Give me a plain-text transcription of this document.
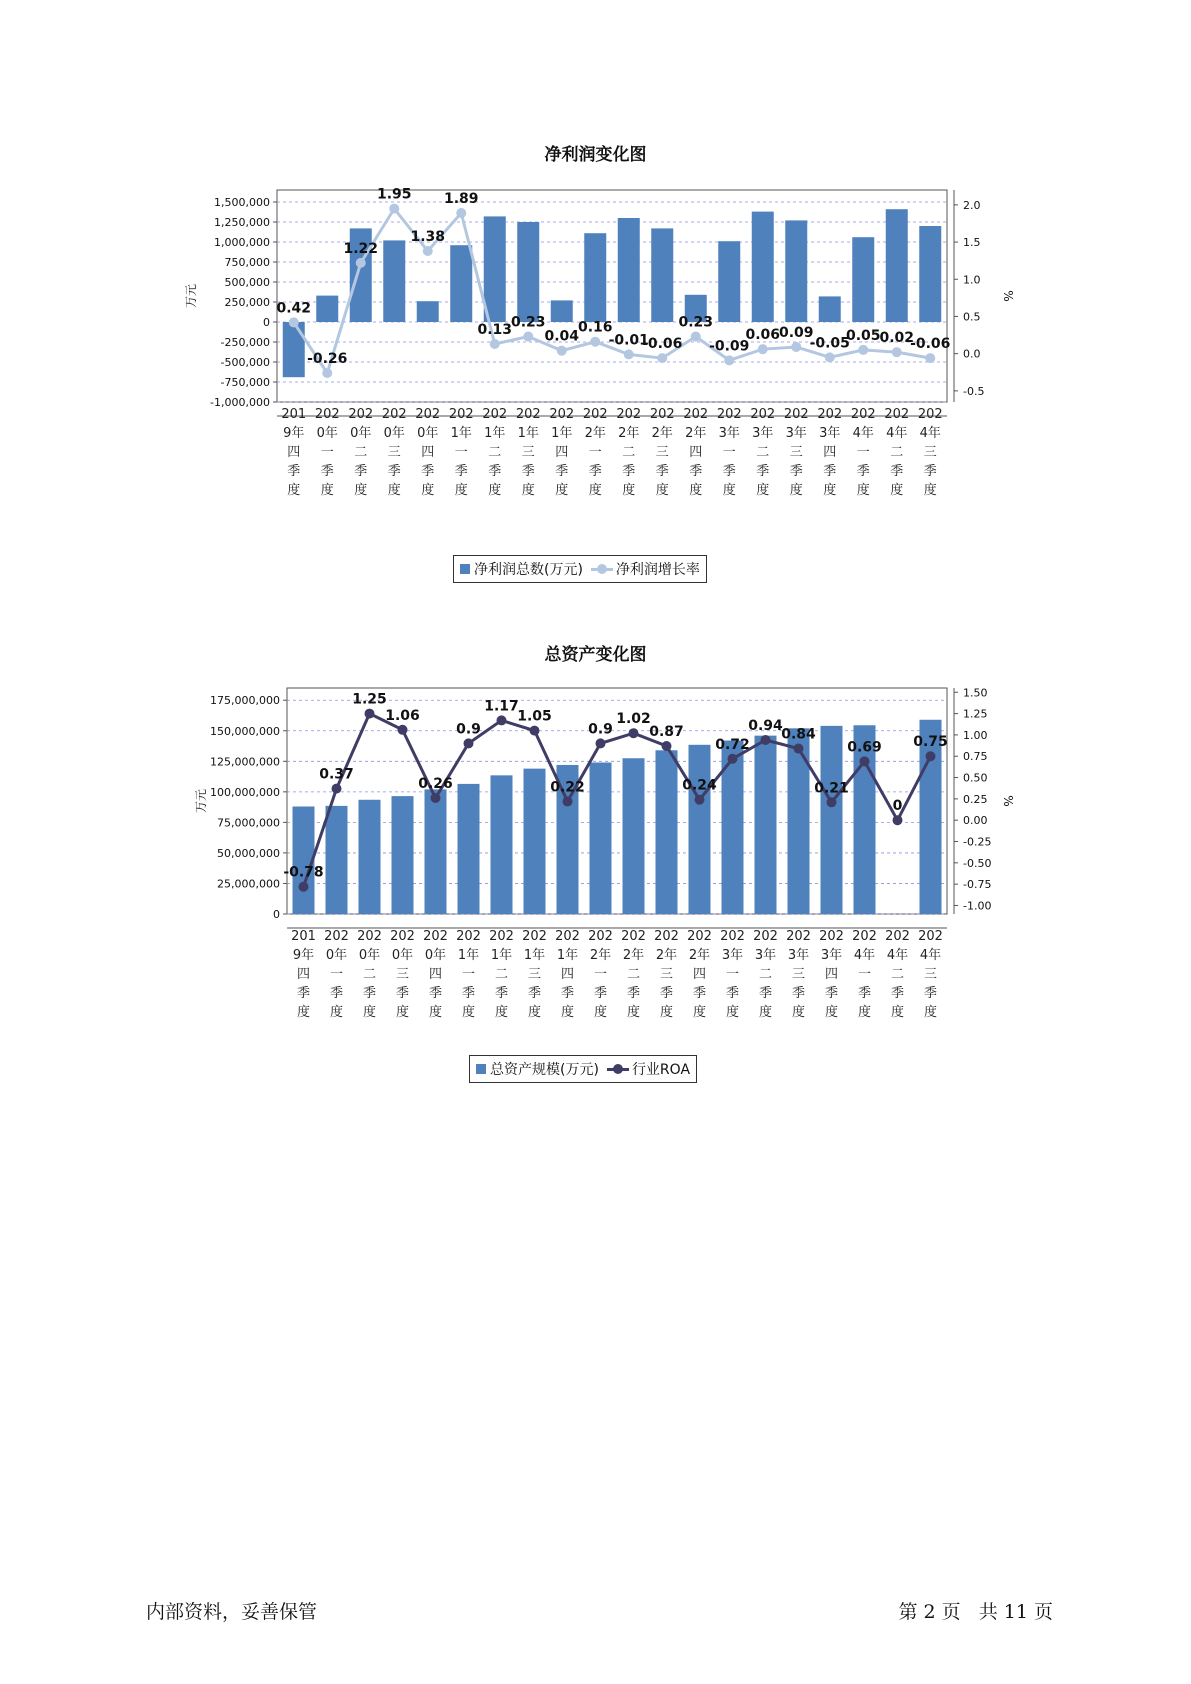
净利润变化图
1,500,000
1,250,000
1,000,000
750,000
500,000
250,000
0
-250,000
-500,000
-750,000
-1,000,000
2.0
1.5
1.0
0.5
0.0
-0.5
万元	%
0.42
-0.26
1.22
1.95
1.38
1.89
0.13
0.23
0.04
0.16
-0.01
-0.06
0.23
-0.09
0.06
0.09
-0.05
0.05
0.02
-0.06
201
9年
四
季
度
202
0年
一
季
度
202
0年
二
季
度
202
0年
三
季
度
202
0年
四
季
度
202
1年
一
季
度
202
1年
二
季
度
202
1年
三
季
度
202
1年
四
季
度
202
2年
一
季
度
202
2年
二
季
度
202
2年
三
季
度
202
2年
四
季
度
202
3年
一
季
度
202
3年
二
季
度
202
3年
三
季
度
202
3年
四
季
度
202
4年
一
季
度
202
4年
二
季
度
202
4年
三
季
度
净利润总数(万元) 净利润增长率
总资产变化图
175,000,000
150,000,000
125,000,000
100,000,000
75,000,000
50,000,000
25,000,000
0
1.50
1.25
1.00
0.75
0.50
0.25
0.00
-0.25
-0.50
-0.75
-1.00
万元	%
-0.78
0.37
1.25
1.06
0.26
0.9
1.17
1.05
0.22
0.9
1.02
0.87
0.24
0.72
0.94
0.84
0.21
0.69
0
0.75
201
9年
四
季
度
202
0年
一
季
度
202
0年
二
季
度
202
0年
三
季
度
202
0年
四
季
度
202
1年
一
季
度
202
1年
二
季
度
202
1年
三
季
度
202
1年
四
季
度
202
2年
一
季
度
202
2年
二
季
度
202
2年
三
季
度
202
2年
四
季
度
202
3年
一
季
度
202
3年
二
季
度
202
3年
三
季
度
202
3年
四
季
度
202
4年
一
季
度
202
4年
二
季
度
202
4年
三
季
度
总资产规模(万元) 行业ROA
内部资料，妥善保管	第 2 页   共 11 页
